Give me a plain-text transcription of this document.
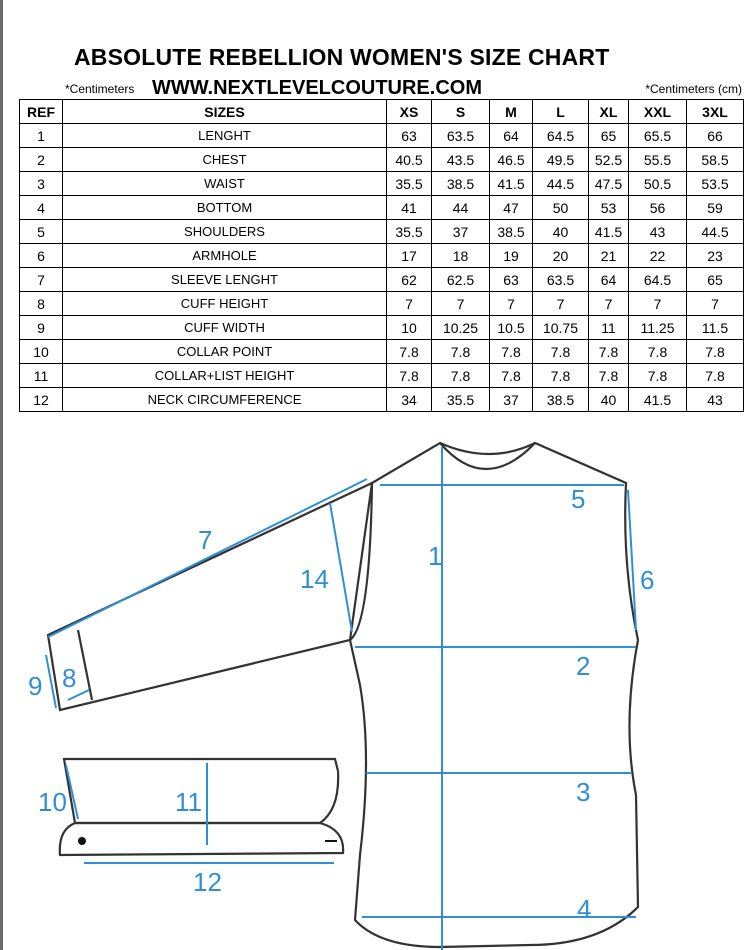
ABSOLUTE REBELLION WOMEN'S SIZE CHART
*Centimeters WWW.NEXTLEVELCOUTURE.COM	*Centimeters (cm)
REF	SIZES	XS	S	M	L	XL	XXL	3XL
1	LENGHT	63	63.5	64	64.5	65	65.5	66
2	CHEST	40.5	43.5	46.5	49.5	52.5	55.5	58.5
3	WAIST	35.5	38.5	41.5	44.5	47.5	50.5	53.5
4	BOTTOM	41	44	47	50	53	56	59
5	SHOULDERS	35.5	37	38.5	40	41.5	43	44.5
6	ARMHOLE	17	18	19	20	21	22	23
7	SLEEVE LENGHT	62	62.5	63	63.5	64	64.5	65
8	CUFF HEIGHT	7	7	7	7	7	7	7
9	CUFF WIDTH	10	10.25	10.5	10.75	11	11.25	11.5
10	COLLAR POINT	7.8	7.8	7.8	7.8	7.8	7.8	7.8
11	COLLAR+LIST HEIGHT	7.8	7.8	7.8	7.8	7.8	7.8	7.8
12	NECK CIRCUMFERENCE	34	35.5	37	38.5	40	41.5	43
1
2
3
4
5
6
7
14
8
9
10	11
12
